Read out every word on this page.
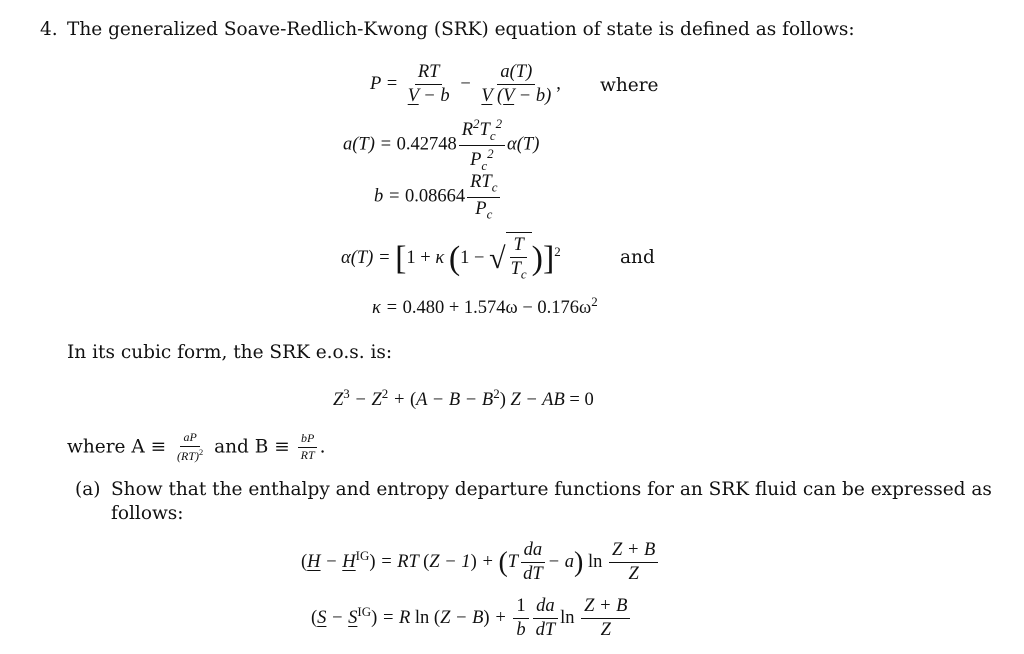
4. The generalized Soave-Redlich-Kwong (SRK) equation of state is defined as follows:
$P = \frac{RT}{V - b} - \frac{a(T)}{V (V - b)}$ , where
$a(T) = 0.42748 \frac{R^2T_c^2}{P_c^2} \alpha(T)$
$b = 0.08664 \frac{RT_c}{P_c}$
α(T) = [1 + κ (1 − √ $\frac{T}{T_c} )]^2$	and
$\kappa = 0.480 + 1.574\omega - 0.176\omega^2$
In its cubic form, the SRK e.o.s. is:
$Z^3 - Z^2 + (A - B - B^2) Z$ − AB = 0
where $A \equiv \frac{aP}{(RT)^2}$ and $B \equiv \frac{bP}{RT}$ .
(a) Show that the enthalpy and entropy departure functions for an SRK fluid can be expressed as
follows:
$(H - H^{IG})$ = RT $(Z - 1) + (T \frac{da}{dT} - a)$ $\ln \frac{Z + B}{Z}$
$(S - S^{IG}) = R$ $\ln (Z - B) + \frac{1}{b} \frac{da}{dT}$ $\ln \frac{Z + B}{Z}$
